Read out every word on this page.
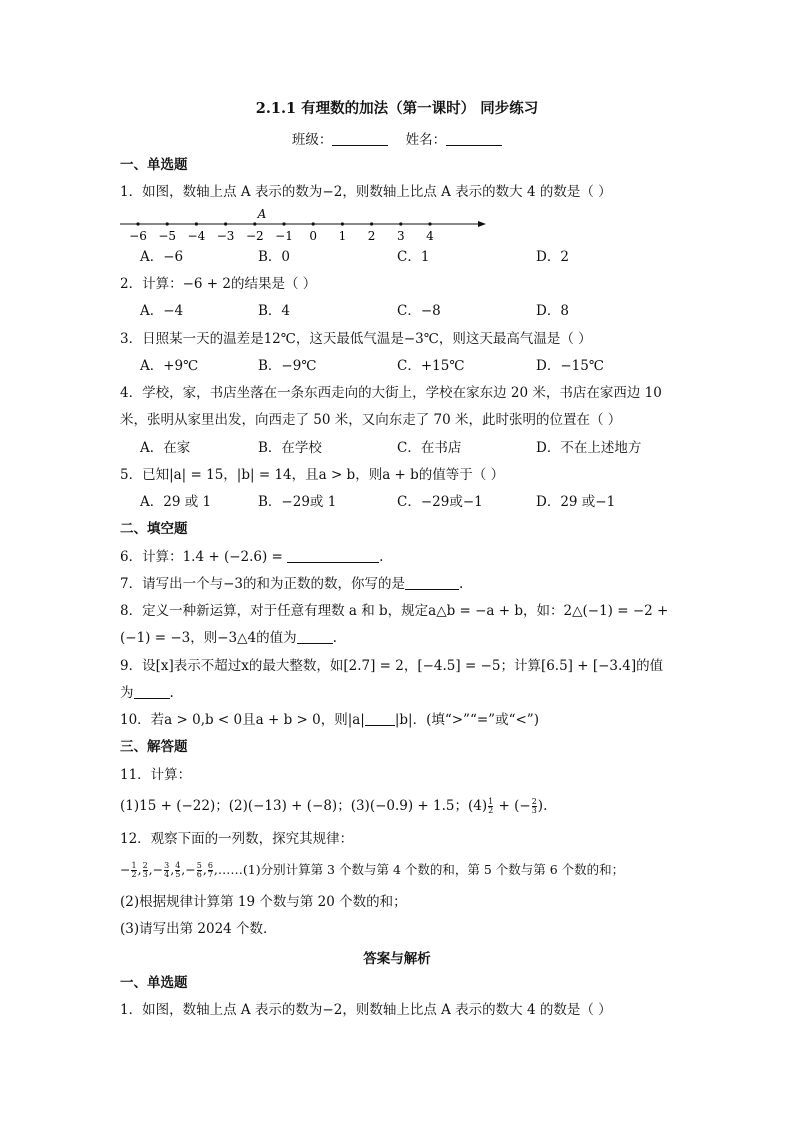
2.1.1 有理数的加法（第一课时） 同步练习
班级：	姓名：
一、单选题
1．如图，数轴上点 A 表示的数为−2，则数轴上比点 A 表示的数大 4 的数是（ ）
−6 −5 −4 −3 −2 −1 0 1 2 3 4
A
A．−6	B．0	C．1	D．2
2．计算：−6 + 2的结果是（ ）
A．−4	B．4	C．−8	D．8
3．日照某一天的温差是12℃，这天最低气温是−3℃，则这天最高气温是（ ）
A．+9℃	B．−9℃	C．+15℃	D．−15℃
4．学校，家，书店坐落在一条东西走向的大街上，学校在家东边 20 米，书店在家西边 10
米，张明从家里出发，向西走了 50 米，又向东走了 70 米，此时张明的位置在（ ）
A．在家	B．在学校	C．在书店	D．不在上述地方
5．已知|a| = 15，|b| = 14，且a > b，则a + b的值等于（ ）
A．29 或 1	B．−29或 1	C．−29或−1	D．29 或−1
二、填空题
6．计算：1.4 + (−2.6) =	.
7．请写出一个与−3的和为正数的数，你写的是	.
8．定义一种新运算，对于任意有理数 a 和 b，规定a△b = −a + b，如：2△(−1) = −2 +
(−1) = −3，则−3△4的值为	.
9．设[x]表示不超过x的最大整数，如[2.7] = 2，[−4.5] = −5；计算[6.5] + [−3.4]的值
为	.
10．若a > 0,b < 0且a + b > 0，则|a| |b|．(填“>”“=”或“<”)
三、解答题
11．计算：
(1)15 + (−22)；(2)(−13) + (−8)；(3)(−0.9) + 1.5；$(4) \frac{1}{2}$ + (− $\frac{2}{3}$ ).
12．观察下面的一列数，探究其规律：
− $\frac{1}{2}$ , $\frac{2}{3}$ ,− $\frac{3}{4}$ , $\frac{4}{5}$ ,− $\frac{5}{6}$ , $\frac{6}{7}$ ,……(1)分别计算第 3 个数与第 4 个数的和，第 5 个数与第 6 个数的和；
(2)根据规律计算第 19 个数与第 20 个数的和；
(3)请写出第 2024 个数．
答案与解析
一、单选题
1．如图，数轴上点 A 表示的数为−2，则数轴上比点 A 表示的数大 4 的数是（ ）
